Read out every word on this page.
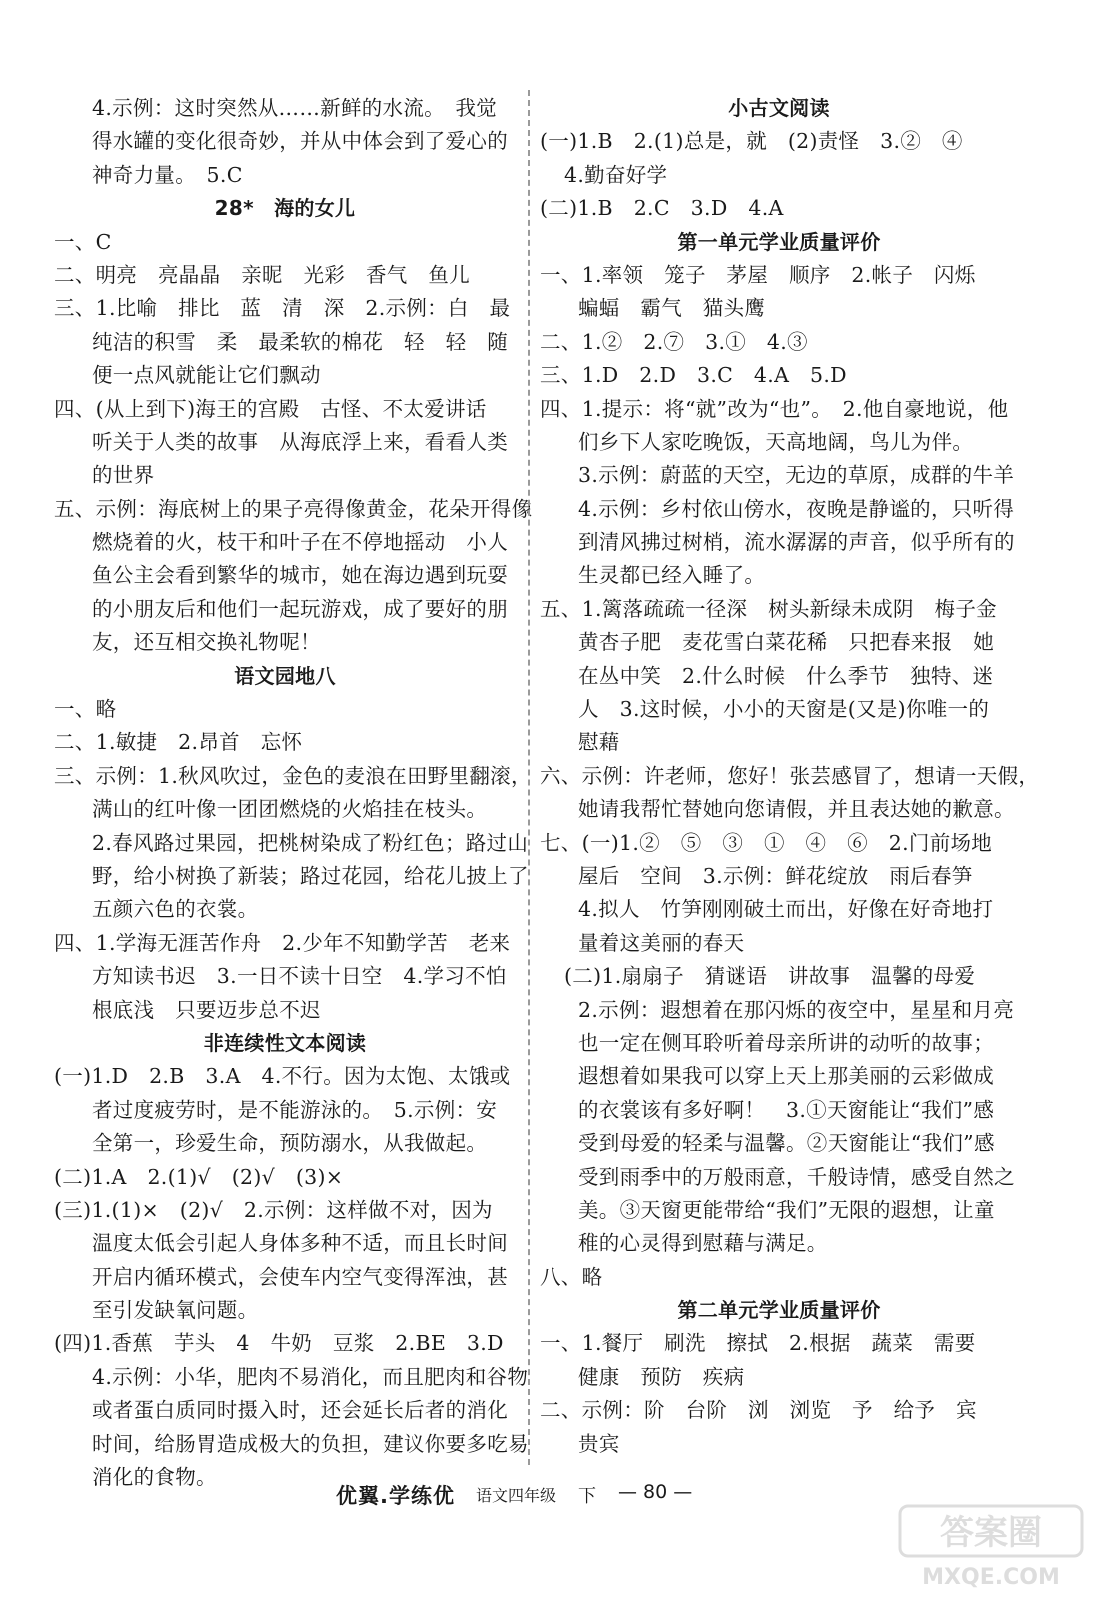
4.示例：这时突然从……新鲜的水流。　我觉
得水罐的变化很奇妙，并从中体会到了爱心的
神奇力量。　5.C
28*　海的女儿
一、C
二、明亮　亮晶晶　亲昵　光彩　香气　鱼儿
三、1.比喻　排比　蓝　清　深　2.示例：白　最
纯洁的积雪　柔　最柔软的棉花　轻　轻　随
便一点风就能让它们飘动
四、(从上到下)海王的宫殿　古怪、不太爱讲话
听关于人类的故事　从海底浮上来，看看人类
的世界
五、示例：海底树上的果子亮得像黄金，花朵开得像
燃烧着的火，枝干和叶子在不停地摇动　小人
鱼公主会看到繁华的城市，她在海边遇到玩耍
的小朋友后和他们一起玩游戏，成了要好的朋
友，还互相交换礼物呢！
语文园地八
一、略
二、1.敏捷　2.昂首　忘怀
三、示例：1.秋风吹过，金色的麦浪在田野里翻滚，
满山的红叶像一团团燃烧的火焰挂在枝头。
2.春风路过果园，把桃树染成了粉红色；路过山
野，给小树换了新装；路过花园，给花儿披上了
五颜六色的衣裳。
四、1.学海无涯苦作舟　2.少年不知勤学苦　老来
方知读书迟　3.一日不读十日空　4.学习不怕
根底浅　只要迈步总不迟
非连续性文本阅读
(一)1.D　2.B　3.A　4.不行。因为太饱、太饿或
者过度疲劳时，是不能游泳的。　5.示例：安
全第一，珍爱生命，预防溺水，从我做起。
(二)1.A　2.(1)√　(2)√　(3)×
(三)1.(1)×　(2)√　2.示例：这样做不对，因为
温度太低会引起人身体多种不适，而且长时间
开启内循环模式，会使车内空气变得浑浊，甚
至引发缺氧问题。
(四)1.香蕉　芋头　4　牛奶　豆浆　2.BE　3.D
4.示例：小华，肥肉不易消化，而且肥肉和谷物
或者蛋白质同时摄入时，还会延长后者的消化
时间，给肠胃造成极大的负担，建议你要多吃易
消化的食物。
小古文阅读
(一)1.B　2.(1)总是，就　(2)责怪　3.②　④
4.勤奋好学
(二)1.B　2.C　3.D　4.A
第一单元学业质量评价
一、1.率领　笼子　茅屋　顺序　2.帐子　闪烁
蝙蝠　霸气　猫头鹰
二、1.②　2.⑦　3.①　4.③
三、1.D　2.D　3.C　4.A　5.D
四、1.提示：将“就”改为“也”。　2.他自豪地说，他
们乡下人家吃晚饭，天高地阔，鸟儿为伴。
3.示例：蔚蓝的天空，无边的草原，成群的牛羊
4.示例：乡村依山傍水，夜晚是静谧的，只听得
到清风拂过树梢，流水潺潺的声音，似乎所有的
生灵都已经入睡了。
五、1.篱落疏疏一径深　树头新绿未成阴　梅子金
黄杏子肥　麦花雪白菜花稀　只把春来报　她
在丛中笑　2.什么时候　什么季节　独特、迷
人　3.这时候，小小的天窗是(又是)你唯一的
慰藉
六、示例：许老师，您好！张芸感冒了，想请一天假，
她请我帮忙替她向您请假，并且表达她的歉意。
七、(一)1.②　⑤　③　①　④　⑥　2.门前场地
屋后　空间　3.示例：鲜花绽放　雨后春笋
4.拟人　竹笋刚刚破土而出，好像在好奇地打
量着这美丽的春天
(二)1.扇扇子　猜谜语　讲故事　温馨的母爱
2.示例：遐想着在那闪烁的夜空中，星星和月亮
也一定在侧耳聆听着母亲所讲的动听的故事；
遐想着如果我可以穿上天上那美丽的云彩做成
的衣裳该有多好啊！　3.①天窗能让“我们”感
受到母爱的轻柔与温馨。②天窗能让“我们”感
受到雨季中的万般雨意，千般诗情，感受自然之
美。③天窗更能带给“我们”无限的遐想，让童
稚的心灵得到慰藉与满足。
八、略
第二单元学业质量评价
一、1.餐厅　刷洗　擦拭　2.根据　蔬菜　需要
健康　预防　疾病
二、示例：阶　台阶　浏　浏览　予　给予　宾
贵宾
优翼.学练优 语文四年级 下 — 80 —
答案圈
MXQE.COM
